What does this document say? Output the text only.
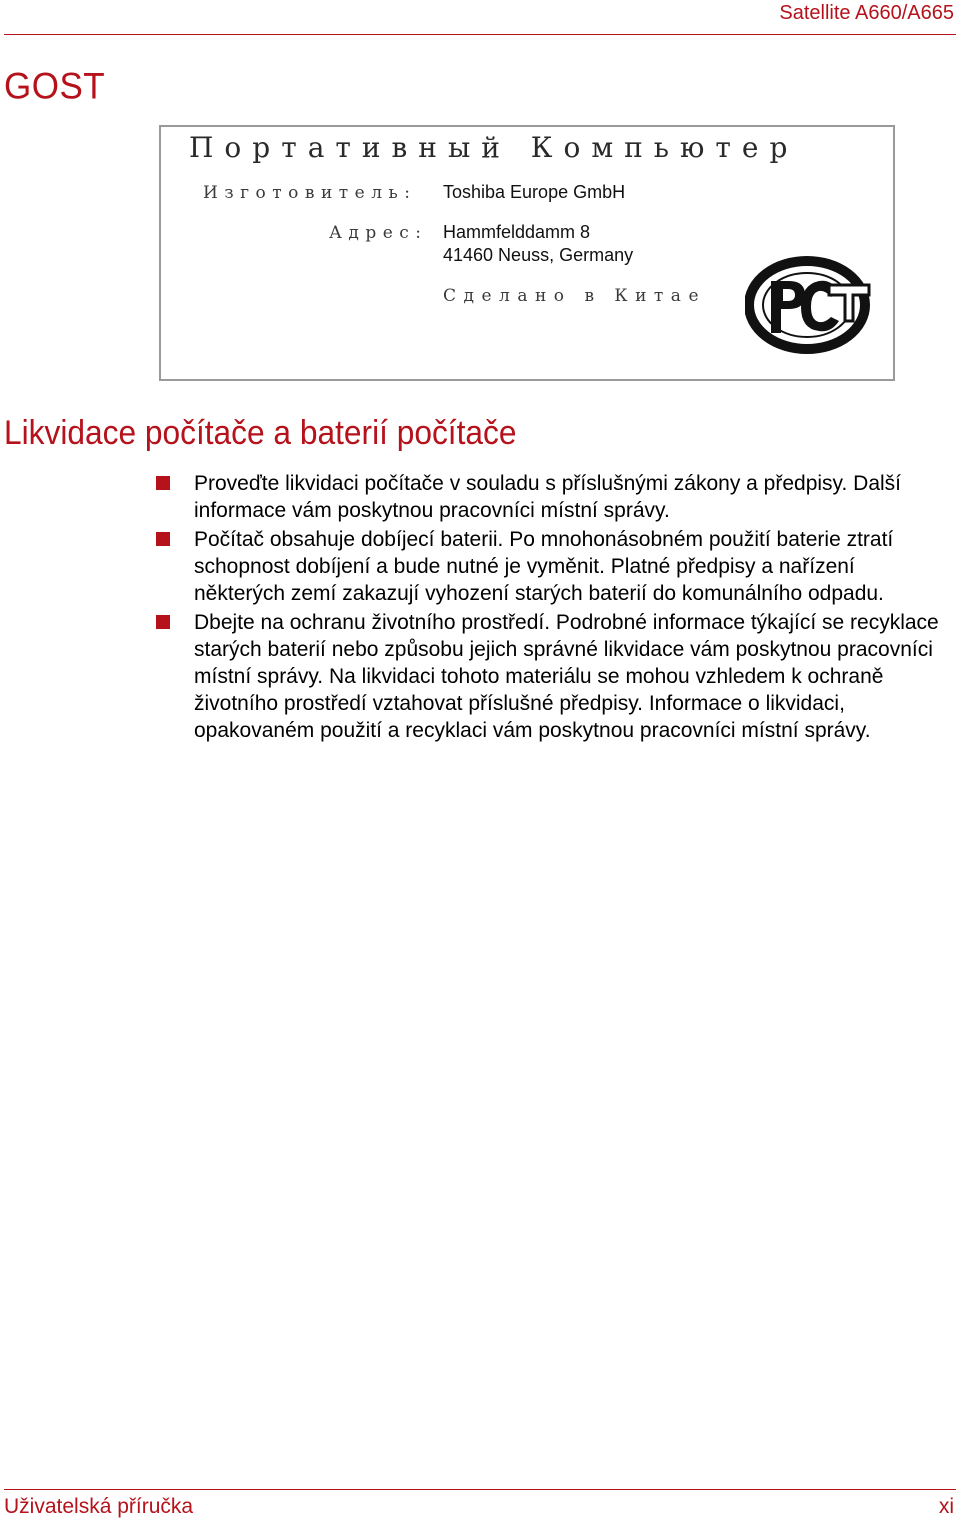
Satellite A660/A665
GOST
Портативный Компьютер
Изготовитель: Toshiba Europe GmbH
Адрес: Hammfelddamm 8
41460 Neuss, Germany
Сделано в Китае
Likvidace počítače a baterií počítače
Proveďte likvidaci počítače v souladu s příslušnými zákony a předpisy. Další informace vám poskytnou pracovníci místní správy.
Počítač obsahuje dobíjecí baterii. Po mnohonásobném použití baterie ztratí schopnost dobíjení a bude nutné je vyměnit. Platné předpisy a nařízení některých zemí zakazují vyhození starých baterií do komunálního odpadu.
Dbejte na ochranu životního prostředí. Podrobné informace týkající se recyklace starých baterií nebo způsobu jejich správné likvidace vám poskytnou pracovníci místní správy. Na likvidaci tohoto materiálu se mohou vzhledem k ochraně životního prostředí vztahovat příslušné předpisy. Informace o likvidaci, opakovaném použití a recyklaci vám poskytnou pracovníci místní správy.
Uživatelská příručka	xi
